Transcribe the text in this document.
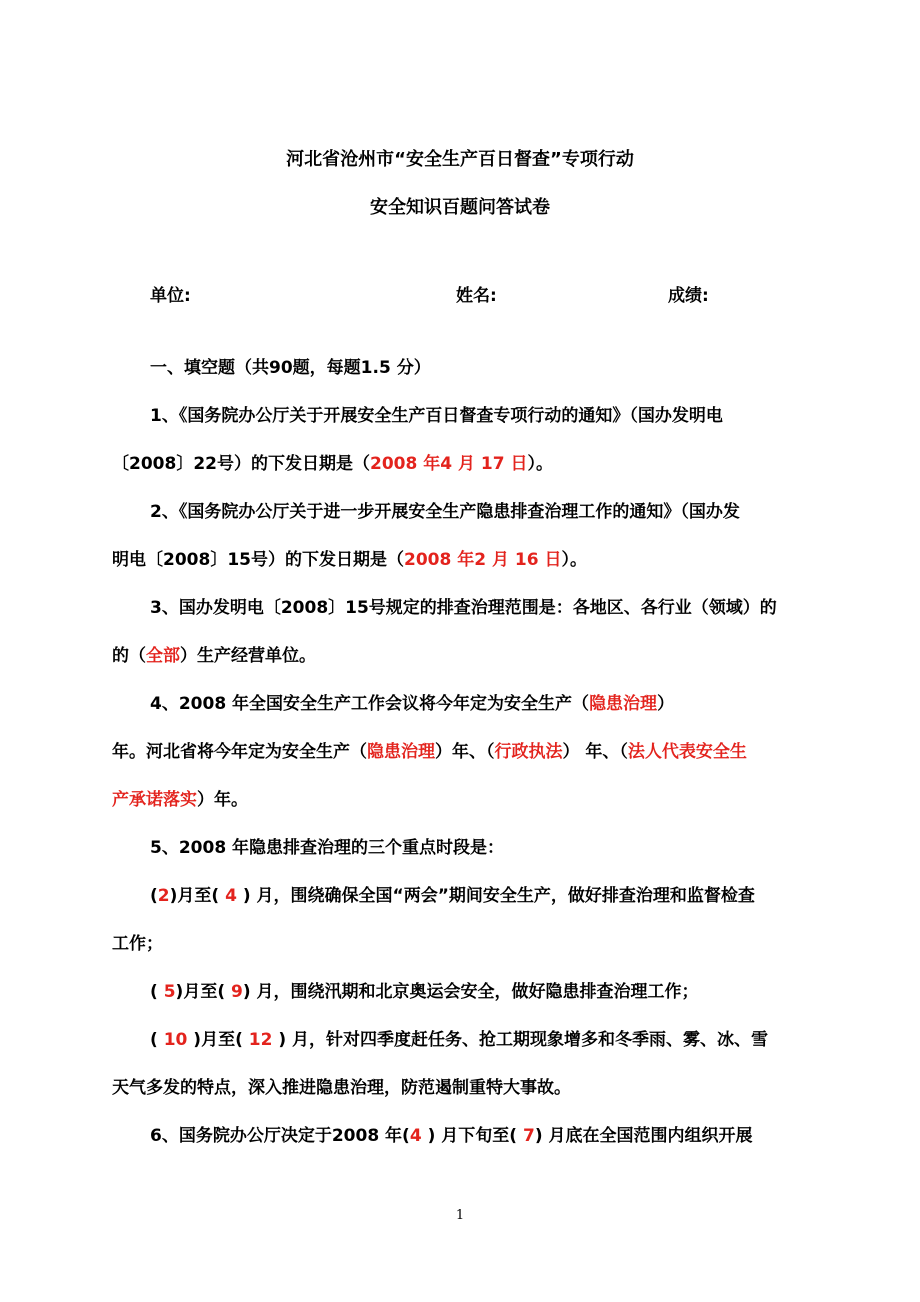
河北省沧州市“安全生产百日督查”专项行动
安全知识百题问答试卷
单位:	姓名:	成绩:
一、填空题（共90题，每题1.5 分）
1、《国务院办公厅关于开展安全生产百日督查专项行动的通知》（国办发明电
〔2008〕22号）的下发日期是（2008 年4 月 17 日）。
2、《国务院办公厅关于进一步开展安全生产隐患排查治理工作的通知》（国办发
明电〔2008〕15号）的下发日期是（2008 年2 月 16 日）。
3、国办发明电〔2008〕15号规定的排查治理范围是：各地区、各行业（领域）的
的（全部）生产经营单位。
4、2008 年全国安全生产工作会议将今年定为安全生产（隐患治理）
年。河北省将今年定为安全生产（隐患治理）年、（行政执法） 年、（法人代表安全生
产承诺落实）年。
5、2008 年隐患排查治理的三个重点时段是：
(2)月至( 4 ) 月，围绕确保全国“两会”期间安全生产，做好排查治理和监督检查
工作；
( 5)月至( 9) 月，围绕汛期和北京奥运会安全，做好隐患排查治理工作；
( 10 )月至( 12 ) 月，针对四季度赶任务、抢工期现象增多和冬季雨、雾、冰、雪
天气多发的特点，深入推进隐患治理，防范遏制重特大事故。
6、国务院办公厅决定于2008 年(4 ) 月下旬至( 7) 月底在全国范围内组织开展
1
